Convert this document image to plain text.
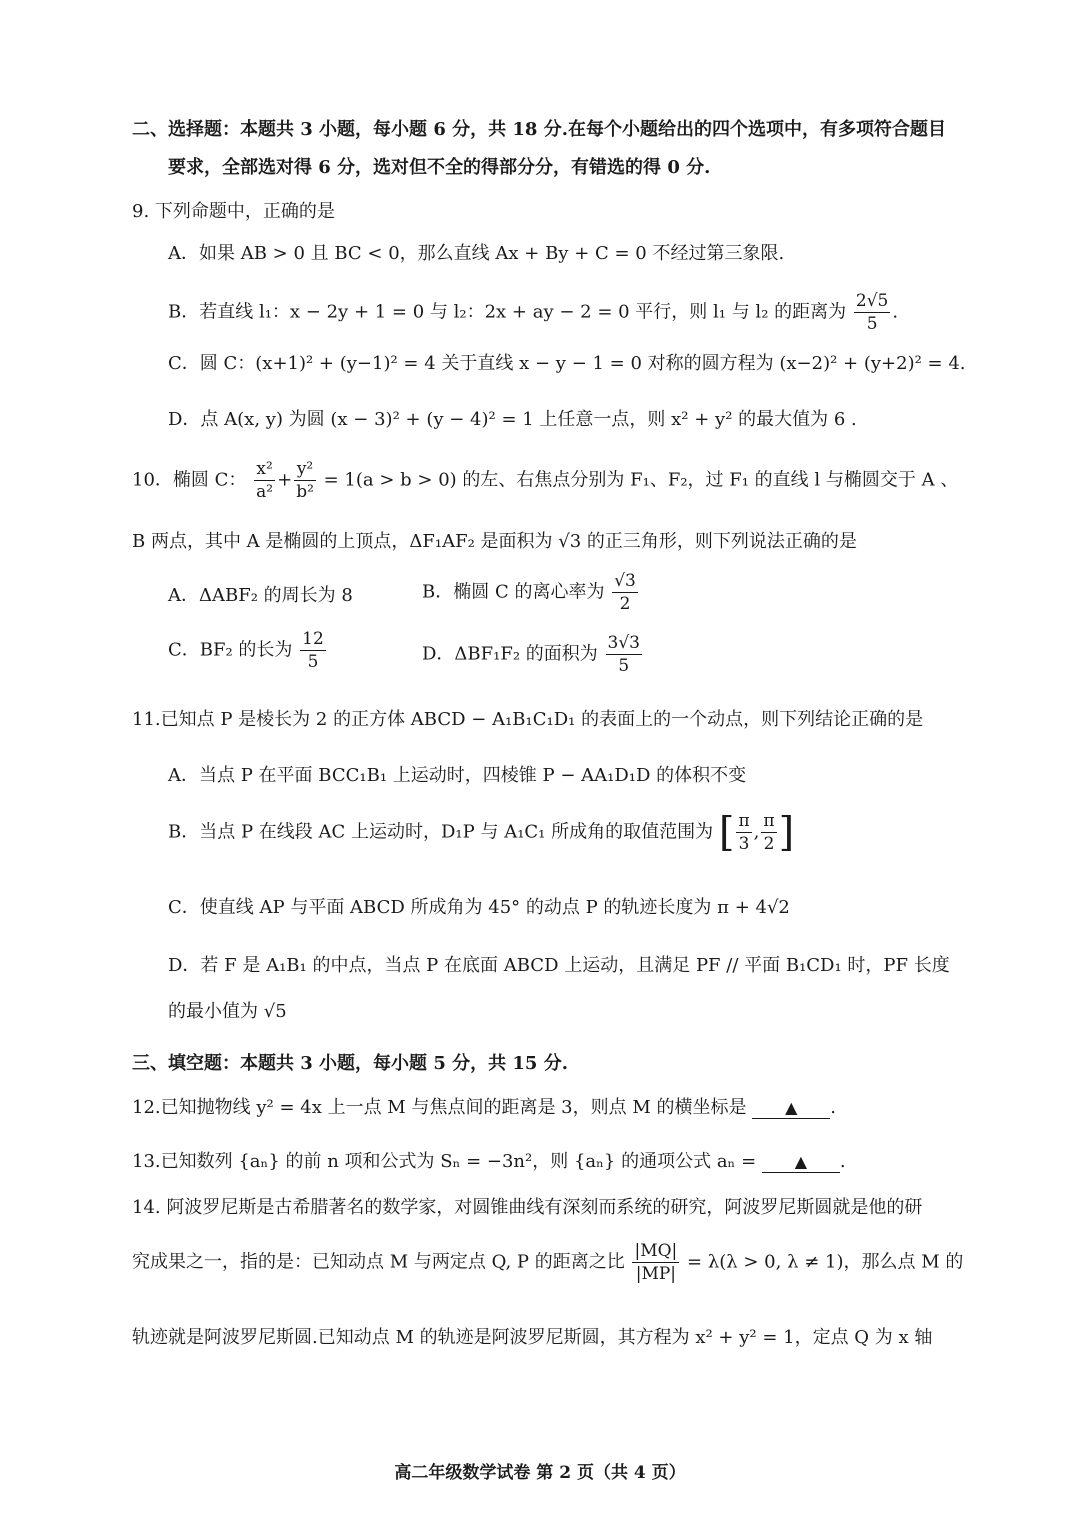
二、选择题：本题共 3 小题，每小题 6 分，共 18 分.在每个小题给出的四个选项中，有多项符合题目
要求，全部选对得 6 分，选对但不全的得部分分，有错选的得 0 分.
9. 下列命题中，正确的是
A．如果 AB > 0 且 BC < 0，那么直线 Ax + By + C = 0 不经过第三象限.
B．若直线 l₁：x − 2y + 1 = 0 与 l₂：2x + ay − 2 = 0 平行，则 l₁ 与 l₂ 的距离为 $\frac{2√5}{5}$ .
C．圆 C：(x+1)² + (y−1)² = 4 关于直线 x − y − 1 = 0 对称的圆方程为 (x−2)² + (y+2)² = 4.
D．点 A(x, y) 为圆 (x − 3)² + (y − 4)² = 1 上任意一点，则 x² + y² 的最大值为 6 .
10．椭圆 C： $\frac{\text{x²}}{\text{a²}} + \frac{\text{y²}}{\text{b²}} = 1(a > b > 0)$ 的左、右焦点分别为 F₁、F₂，过 F₁ 的直线 l 与椭圆交于 A 、
B 两点，其中 A 是椭圆的上顶点，ΔF₁AF₂ 是面积为 √3 的正三角形，则下列说法正确的是
A．ΔABF₂ 的周长为 8	B．椭圆 C 的离心率为 $\frac{√3}{2}$
C．BF₂ 的长为 $\frac{12}{5}$	D．ΔBF₁F₂ 的面积为 $\frac{3√3}{5}$
11.已知点 P 是棱长为 2 的正方体 ABCD − A₁B₁C₁D₁ 的表面上的一个动点，则下列结论正确的是
A．当点 P 在平面 BCC₁B₁ 上运动时，四棱锥 P − AA₁D₁D 的体积不变
B．当点 P 在线段 AC 上运动时，D₁P 与 A₁C₁ 所成角的取值范围为 [ $\frac{\pi}{3}$ , $\frac{\pi}{2}$ ]
C．使直线 AP 与平面 ABCD 所成角为 45° 的动点 P 的轨迹长度为 π + 4√2
D．若 F 是 A₁B₁ 的中点，当点 P 在底面 ABCD 上运动，且满足 PF // 平面 B₁CD₁ 时，PF 长度
的最小值为 √5
三、填空题：本题共 3 小题，每小题 5 分，共 15 分.
12.已知抛物线 y² = 4x 上一点 M 与焦点间的距离是 3，则点 M 的横坐标是 ▲ .
13.已知数列 {aₙ} 的前 n 项和公式为 Sₙ = −3n²，则 {aₙ} 的通项公式 aₙ = ▲ .
14. 阿波罗尼斯是古希腊著名的数学家，对圆锥曲线有深刻而系统的研究，阿波罗尼斯圆就是他的研
究成果之一，指的是：已知动点 M 与两定点 Q, P 的距离之比 $\frac{|MQ|}{|MP|} = \lambda(\lambda > 0$, λ ≠ 1)，那么点 M 的
轨迹就是阿波罗尼斯圆.已知动点 M 的轨迹是阿波罗尼斯圆，其方程为 x² + y² = 1，定点 Q 为 x 轴
高二年级数学试卷 第 2 页（共 4 页）
